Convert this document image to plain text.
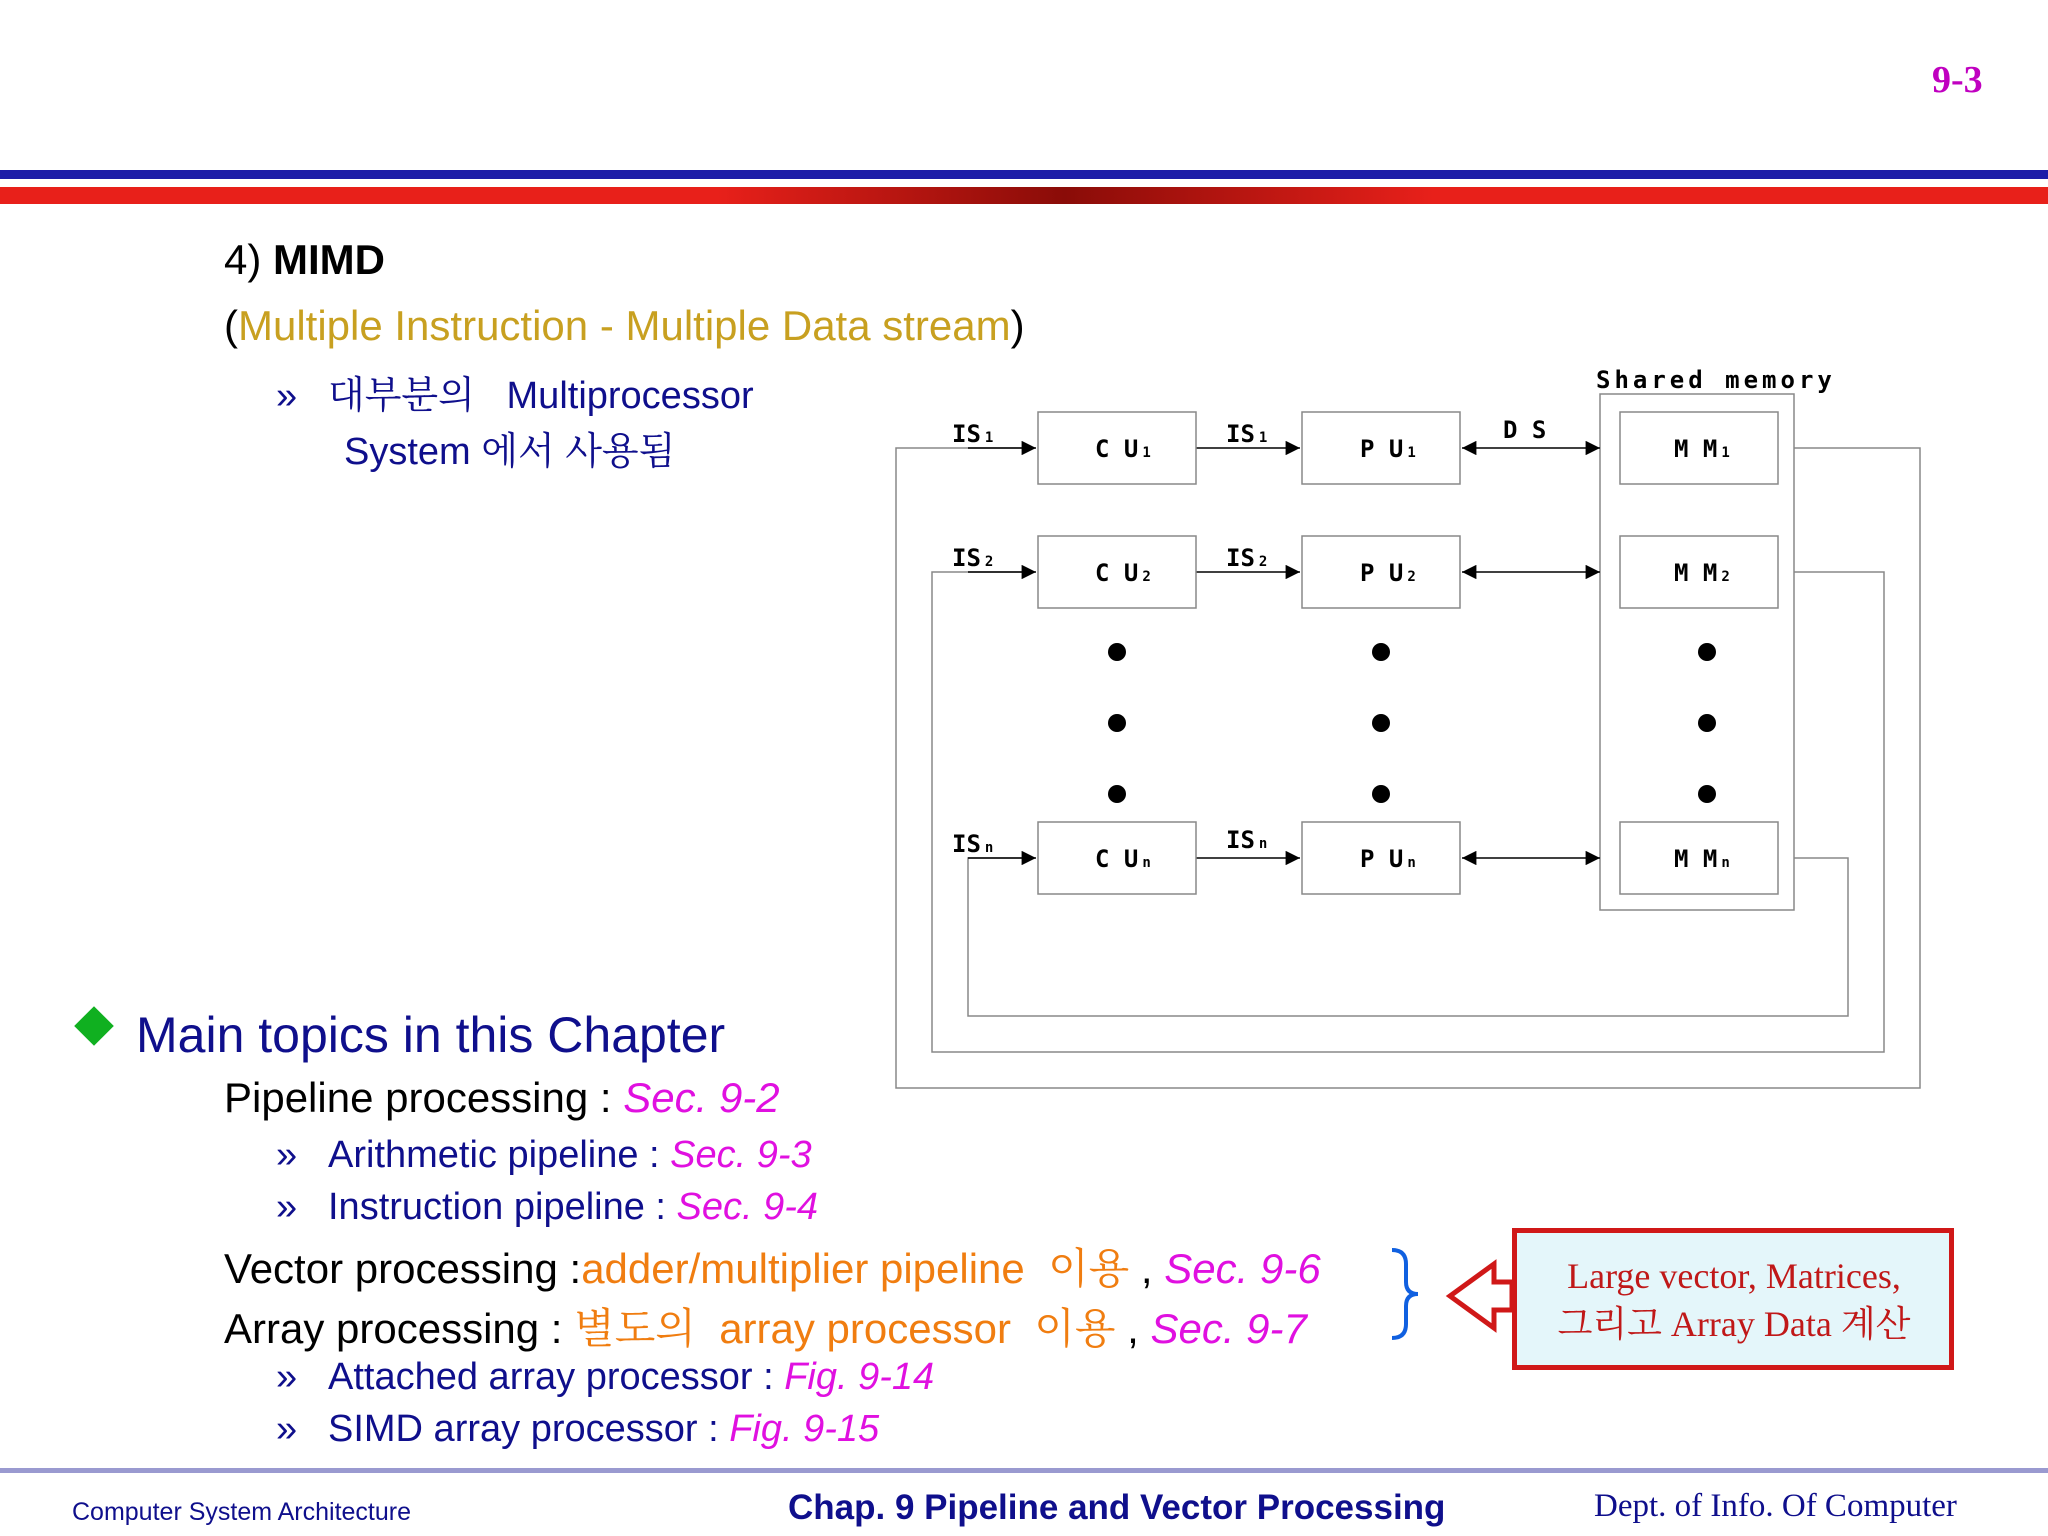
9-3
4) MIMD
(Multiple Instruction - Multiple Data stream)
» 대부분의 Multiprocessor
System 에서 사용됨
Shared memory
D S
IS 1	IS 1
IS 2	IS 2
IS n	IS n
C U 1
C U 2
C U n
P U 1
P U 2
P U n
M M 1
M M 2
M M n
Main topics in this Chapter
Pipeline processing : Sec. 9-2
» Arithmetic pipeline : Sec. 9-3
» Instruction pipeline : Sec. 9-4
Vector processing :adder/multiplier pipeline  이용 , Sec. 9-6
Array processing : 별도의  array processor  이용 , Sec. 9-7
» Attached array processor : Fig. 9-14
» SIMD array processor : Fig. 9-15
Large vector, Matrices,
그리고 Array Data 계산
Computer System Architecture	Chap. 9 Pipeline and Vector Processing	Dept. of Info. Of Computer
